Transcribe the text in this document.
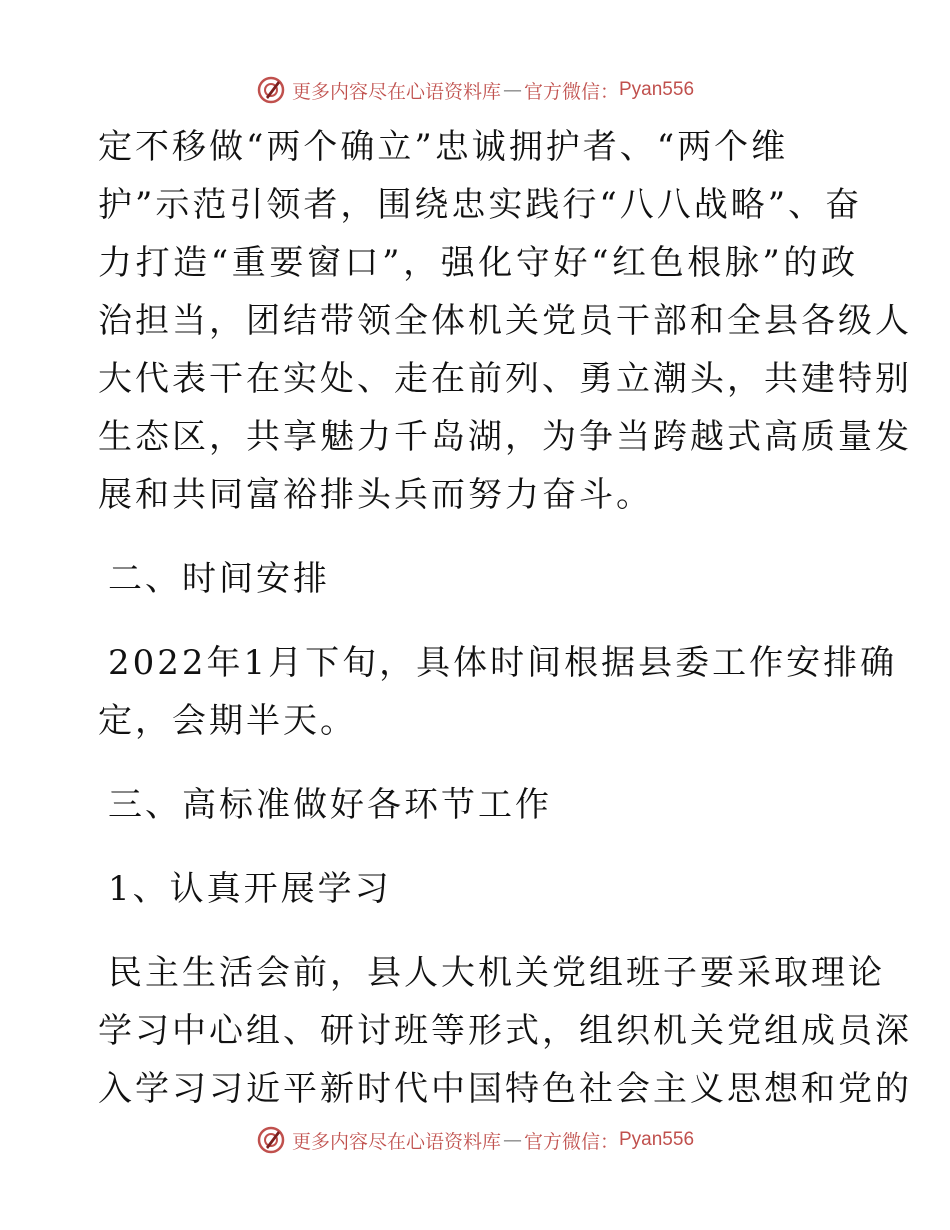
更多内容尽在心语资料库 — 官方微信： Pyan556
定不移做“两个确立”忠诚拥护者、“两个维
护”示范引领者，围绕忠实践行“八八战略”、奋
力打造“重要窗口”，强化守好“红色根脉”的政
治担当，团结带领全体机关党员干部和全县各级人
大代表干在实处、走在前列、勇立潮头，共建特别
生态区，共享魅力千岛湖，为争当跨越式高质量发
展和共同富裕排头兵而努力奋斗。
二、时间安排
2022年1月下旬，具体时间根据县委工作安排确
定，会期半天。
三、高标准做好各环节工作
1、认真开展学习
民主生活会前，县人大机关党组班子要采取理论
学习中心组、研讨班等形式，组织机关党组成员深
入学习习近平新时代中国特色社会主义思想和党的
更多内容尽在心语资料库 — 官方微信： Pyan556
